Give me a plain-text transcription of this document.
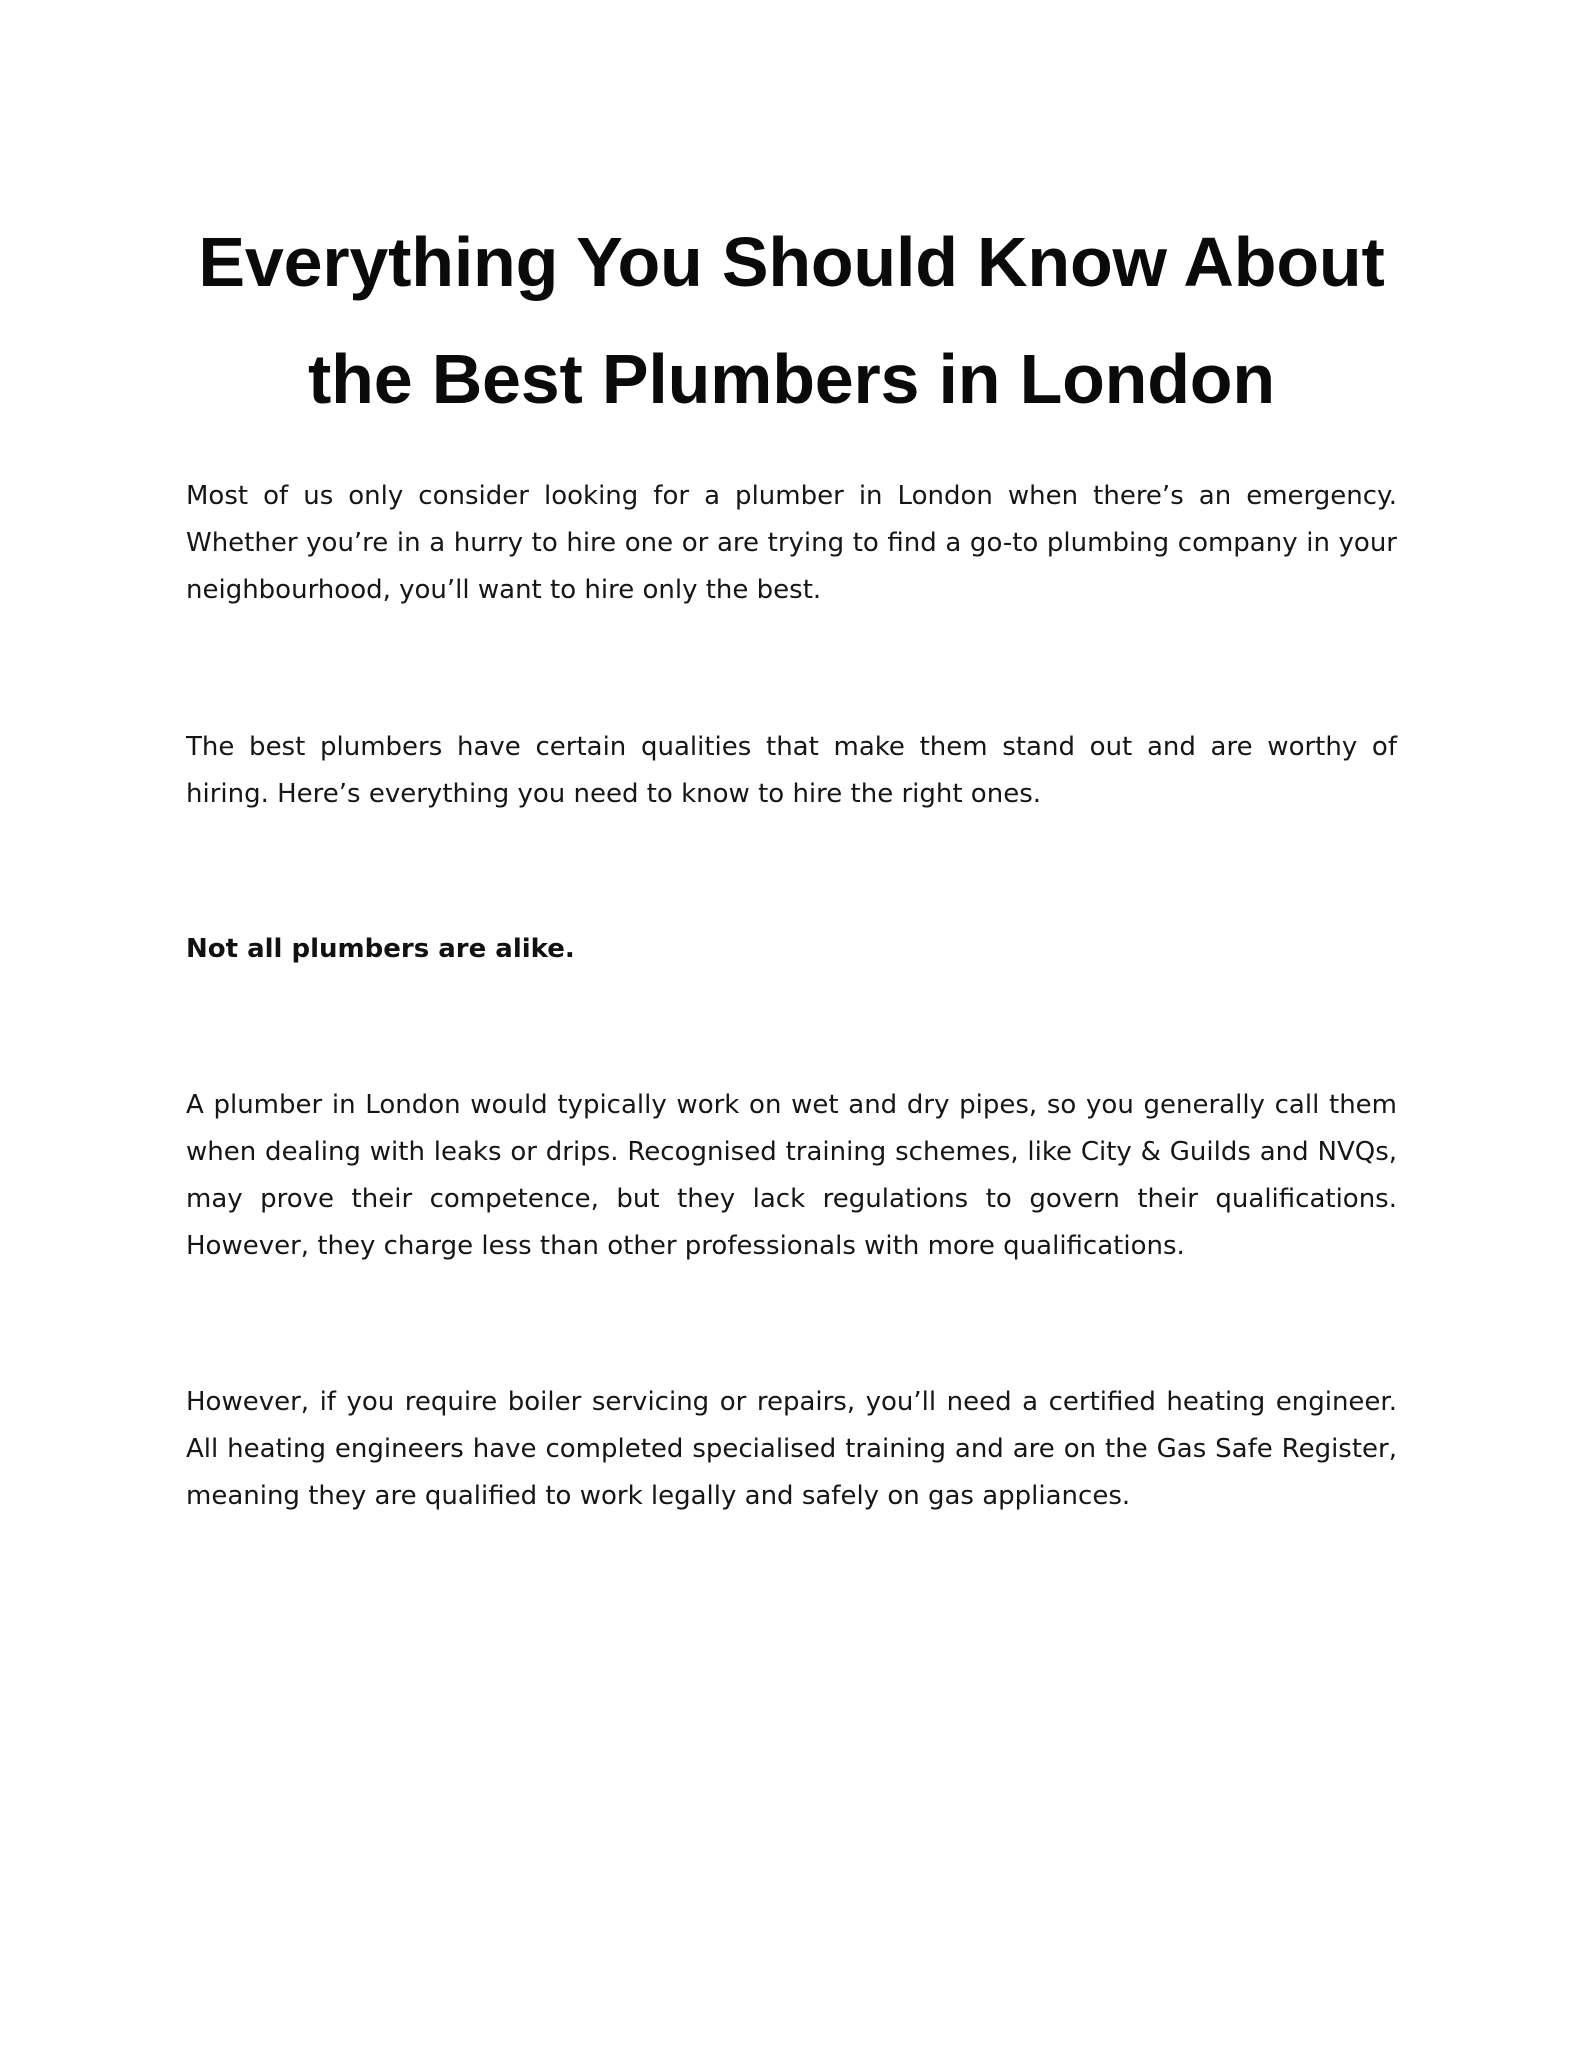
Everything You Should Know About the Best Plumbers in London

Most of us only consider looking for a plumber in London when there’s an emergency. Whether you’re in a hurry to hire one or are trying to find a go-to plumbing company in your neighbourhood, you’ll want to hire only the best.

The best plumbers have certain qualities that make them stand out and are worthy of hiring. Here’s everything you need to know to hire the right ones.

Not all plumbers are alike.

A plumber in London would typically work on wet and dry pipes, so you generally call them when dealing with leaks or drips. Recognised training schemes, like City & Guilds and NVQs, may prove their competence, but they lack regulations to govern their qualifications. However, they charge less than other professionals with more qualifications.

However, if you require boiler servicing or repairs, you’ll need a certified heating engineer. All heating engineers have completed specialised training and are on the Gas Safe Register, meaning they are qualified to work legally and safely on gas appliances.
